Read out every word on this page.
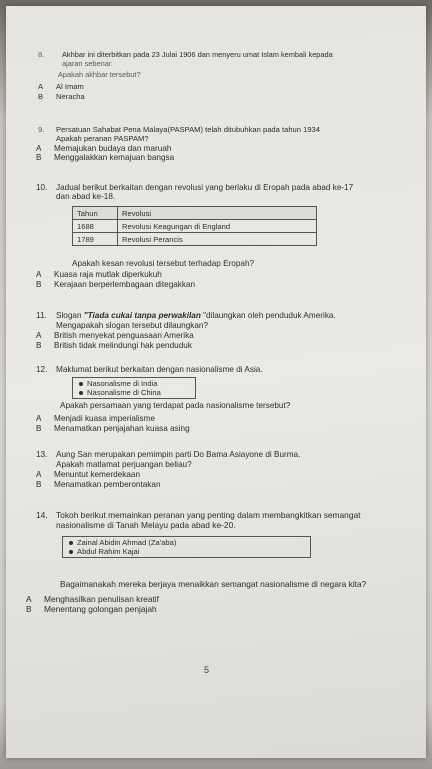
8. Akhbar ini diterbitkan pada 23 Julai 1906 dan menyeru umat Islam kembali kepada
ajaran sebenar.
Apakah akhbar tersebut?
A Al Imam
B Neracha
9. Persatuan Sahabat Pena Malaya(PASPAM) telah ditubuhkan pada tahun 1934
Apakah peranan PASPAM?
A Memajukan budaya dan maruah
B Menggalakkan kemajuan bangsa
10. Jadual berikut berkaitan dengan revolusi yang berlaku di Eropah pada abad ke-17
dan abad ke-18.
Tahun	Revolusi
1688	Revolusi Keagungan di England
1789	Revolusi Perancis
Apakah kesan revolusi tersebut terhadap Eropah?
A Kuasa raja mutlak diperkukuh
B Kerajaan berperlembagaan ditegakkan
11. Slogan "Tiada cukai tanpa perwakilan "dilaungkan oleh penduduk Amerika.
Mengapakah slogan tersebut dilaungkan?
A British menyekat penguasaan Amerika
B British tidak melindungi hak penduduk
12. Maklumat berikut berkaitan dengan nasionalisme di Asia.
Nasonalisme di India
Nasonalisme di China
Apakah persamaan yang terdapat pada nasionalisme tersebut?
A Menjadi kuasa imperialisme
B Menamatkan penjajahan kuasa asing
13. Aung San merupakan pemimpin parti Do Bama Asiayone di Burma.
Apakah matlamat perjuangan beliau?
A Menuntut kemerdekaan
B Menamatkan pemberontakan
14. Tokoh berikut memainkan peranan yang penting dalam membangkitkan semangat
nasionalisme di Tanah Melayu pada abad ke-20.
Zainal Abidin Ahmad (Za'aba)
Abdul Rahim Kajai
Bagaimanakah mereka berjaya menaikkan semangat nasionalisme di negara kita?
A Menghasilkan penulisan kreatif
B Menentang golongan penjajah
5
